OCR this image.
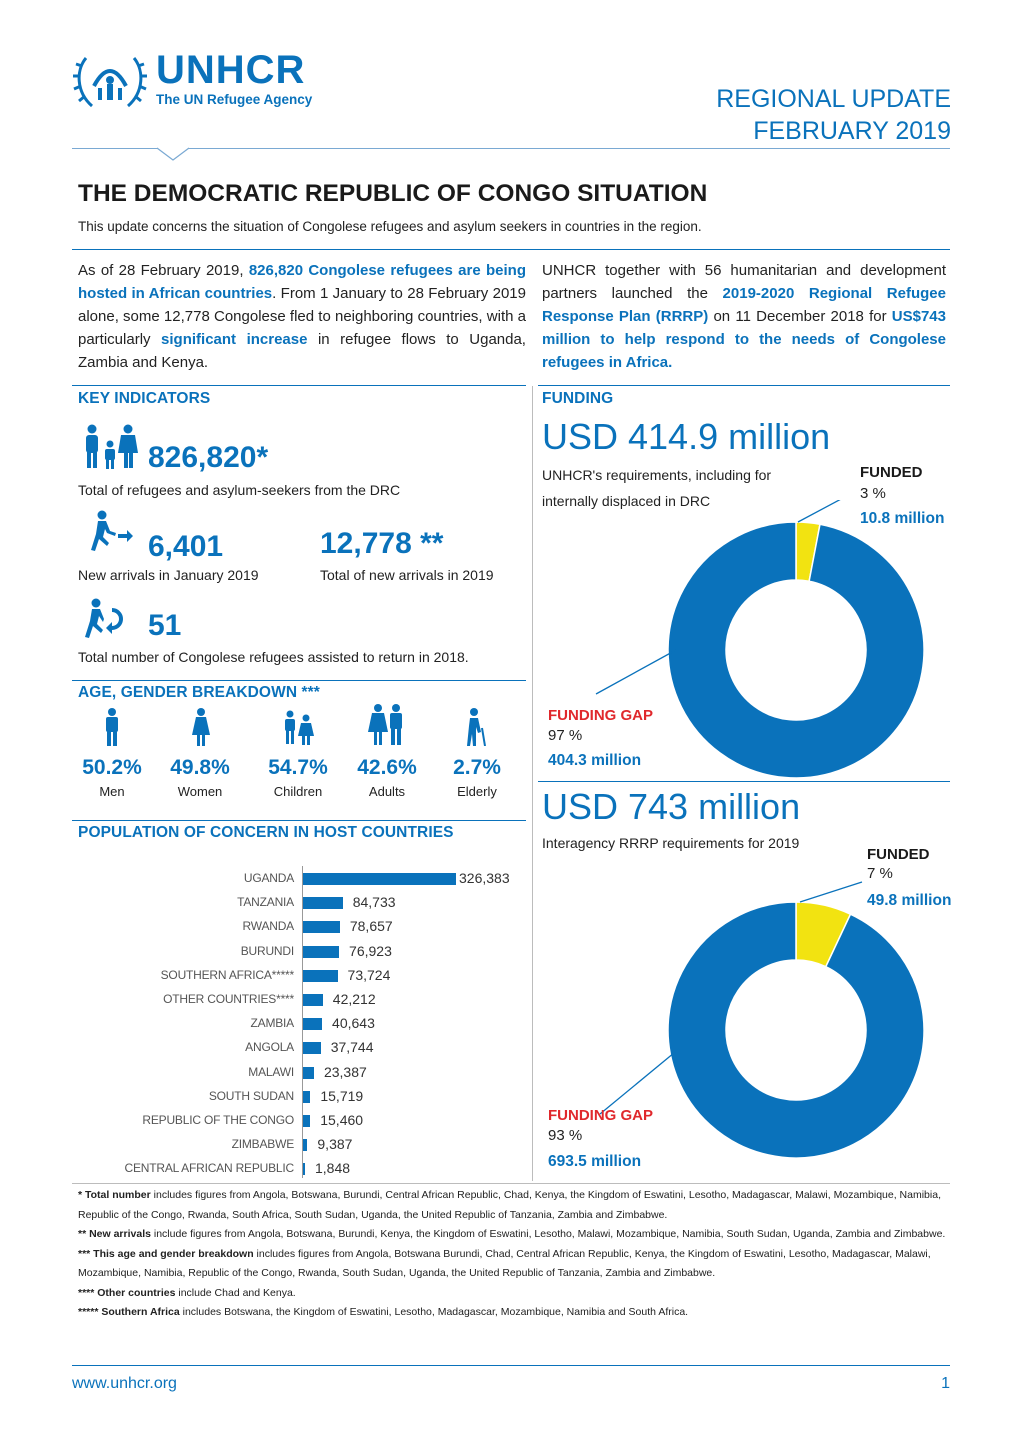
UNHCR
The UN Refugee Agency	REGIONAL UPDATE
FEBRUARY 2019
THE DEMOCRATIC REPUBLIC OF CONGO SITUATION
This update concerns the situation of Congolese refugees and asylum seekers in countries in the region.
As of 28 February 2019, 826,820 Congolese refugees are being hosted in African countries. From 1 January to 28 February 2019 alone, some 12,778 Congolese fled to neighboring countries, with a particularly significant increase in refugee flows to Uganda, Zambia and Kenya.
UNHCR together with 56 humanitarian and development partners launched the 2019-2020 Regional Refugee Response Plan (RRRP) on 11 December 2018 for US$743 million to help respond to the needs of Congolese refugees in Africa.
KEY INDICATORS
826,820*
Total of refugees and asylum-seekers from the DRC
6,401
New arrivals in January 2019
12,778 **
Total of new arrivals in 2019
51
Total number of Congolese refugees assisted to return in 2018.
AGE, GENDER BREAKDOWN ***
50.2%
Men
49.8%
Women
54.7%
Children
42.6%
Adults
2.7%
Elderly
POPULATION OF CONCERN IN HOST COUNTRIES
UGANDA	326,383
TANZANIA	84,733
RWANDA	78,657
BURUNDI	76,923
SOUTHERN AFRICA*****	73,724
OTHER COUNTRIES****	42,212
ZAMBIA	40,643
ANGOLA	37,744
MALAWI 23,387
SOUTH SUDAN 15,719
REPUBLIC OF THE CONGO 15,460
ZIMBABWE 9,387
CENTRAL AFRICAN REPUBLIC 1,848
FUNDING
USD 414.9 million
UNHCR's requirements, including for internally displaced in DRC
FUNDED
3 %
10.8 million
FUNDING GAP
97 %
404.3 million
USD 743 million
Interagency RRRP requirements for 2019
FUNDED
7 %
49.8 million
FUNDING GAP
93 %
693.5 million
* Total number includes figures from Angola, Botswana, Burundi, Central African Republic, Chad, Kenya, the Kingdom of Eswatini, Lesotho, Madagascar, Malawi, Mozambique, Namibia, Republic of the Congo, Rwanda, South Africa, South Sudan, Uganda, the United Republic of Tanzania, Zambia and Zimbabwe.
** New arrivals include figures from Angola, Botswana, Burundi, Kenya, the Kingdom of Eswatini, Lesotho, Malawi, Mozambique, Namibia, South Sudan, Uganda, Zambia and Zimbabwe.
*** This age and gender breakdown includes figures from Angola, Botswana Burundi, Chad, Central African Republic, Kenya, the Kingdom of Eswatini, Lesotho, Madagascar, Malawi, Mozambique, Namibia, Republic of the Congo, Rwanda, South Sudan, Uganda, the United Republic of Tanzania, Zambia and Zimbabwe.
**** Other countries include Chad and Kenya.
***** Southern Africa includes Botswana, the Kingdom of Eswatini, Lesotho, Madagascar, Mozambique, Namibia and South Africa.
www.unhcr.org	1
